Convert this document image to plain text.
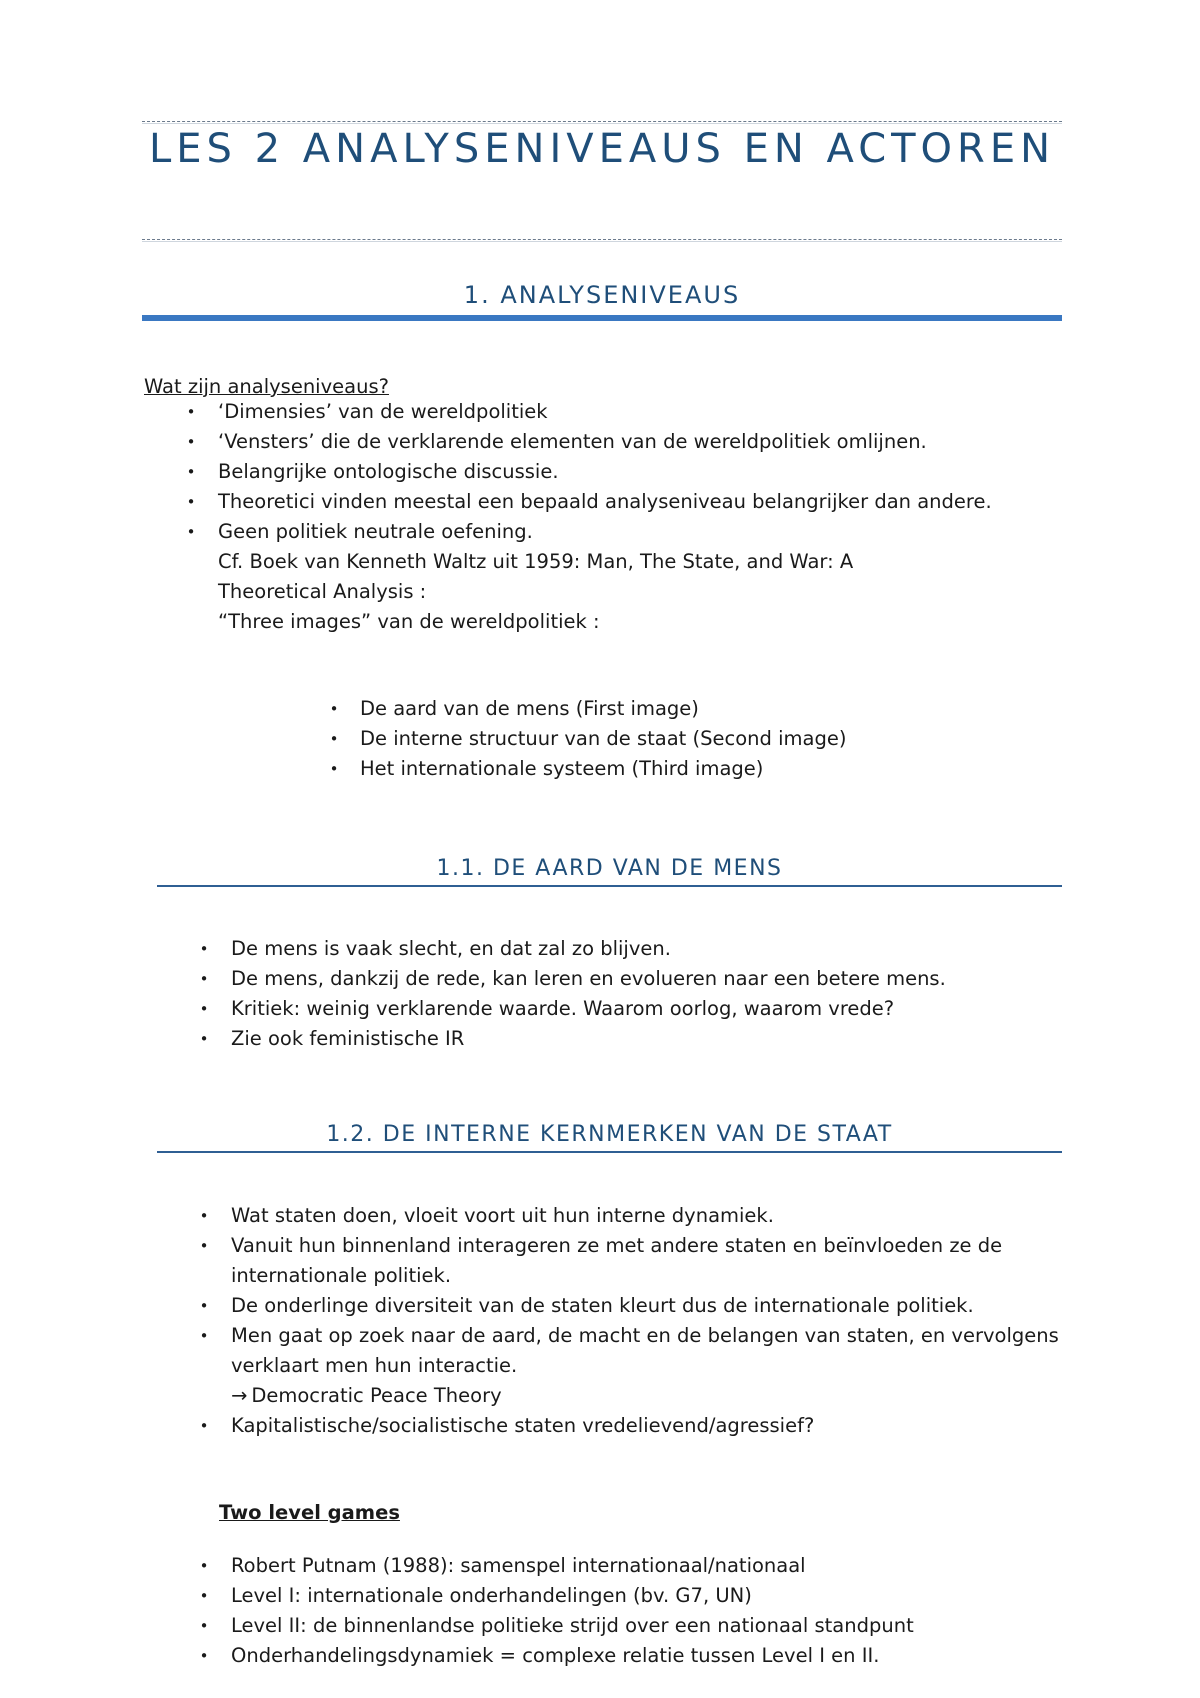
LES 2 ANALYSENIVEAUS EN ACTOREN
1. ANALYSENIVEAUS

Wat zijn analyseniveaus?

• ‘Dimensies’ van de wereldpolitiek
• ‘Vensters’ die de verklarende elementen van de wereldpolitiek omlijnen.
• Belangrijke ontologische discussie.
• Theoretici vinden meestal een bepaald analyseniveau belangrijker dan andere.
• Geen politiek neutrale oefening.
Cf. Boek van Kenneth Waltz uit 1959: Man, The State, and War: A
Theoretical Analysis :
“Three images” van de wereldpolitiek :
• De aard van de mens (First image)
• De interne structuur van de staat (Second image)
• Het internationale systeem (Third image)
1.1. DE AARD VAN DE MENS
• De mens is vaak slecht, en dat zal zo blijven.
• De mens, dankzij de rede, kan leren en evolueren naar een betere mens.
• Kritiek: weinig verklarende waarde. Waarom oorlog, waarom vrede?
• Zie ook feministische IR
1.2. DE INTERNE KERNMERKEN VAN DE STAAT
• Wat staten doen, vloeit voort uit hun interne dynamiek.
• Vanuit hun binnenland interageren ze met andere staten en beïnvloeden ze de internationale politiek.
• De onderlinge diversiteit van de staten kleurt dus de internationale politiek.
• Men gaat op zoek naar de aard, de macht en de belangen van staten, en vervolgens verklaart men hun interactie.
→ Democratic Peace Theory
• Kapitalistische/socialistische staten vredelievend/agressief?

Two level games

• Robert Putnam (1988): samenspel internationaal/nationaal
• Level I: internationale onderhandelingen (bv. G7, UN)
• Level II: de binnenlandse politieke strijd over een nationaal standpunt
• Onderhandelingsdynamiek = complexe relatie tussen Level I en II.
